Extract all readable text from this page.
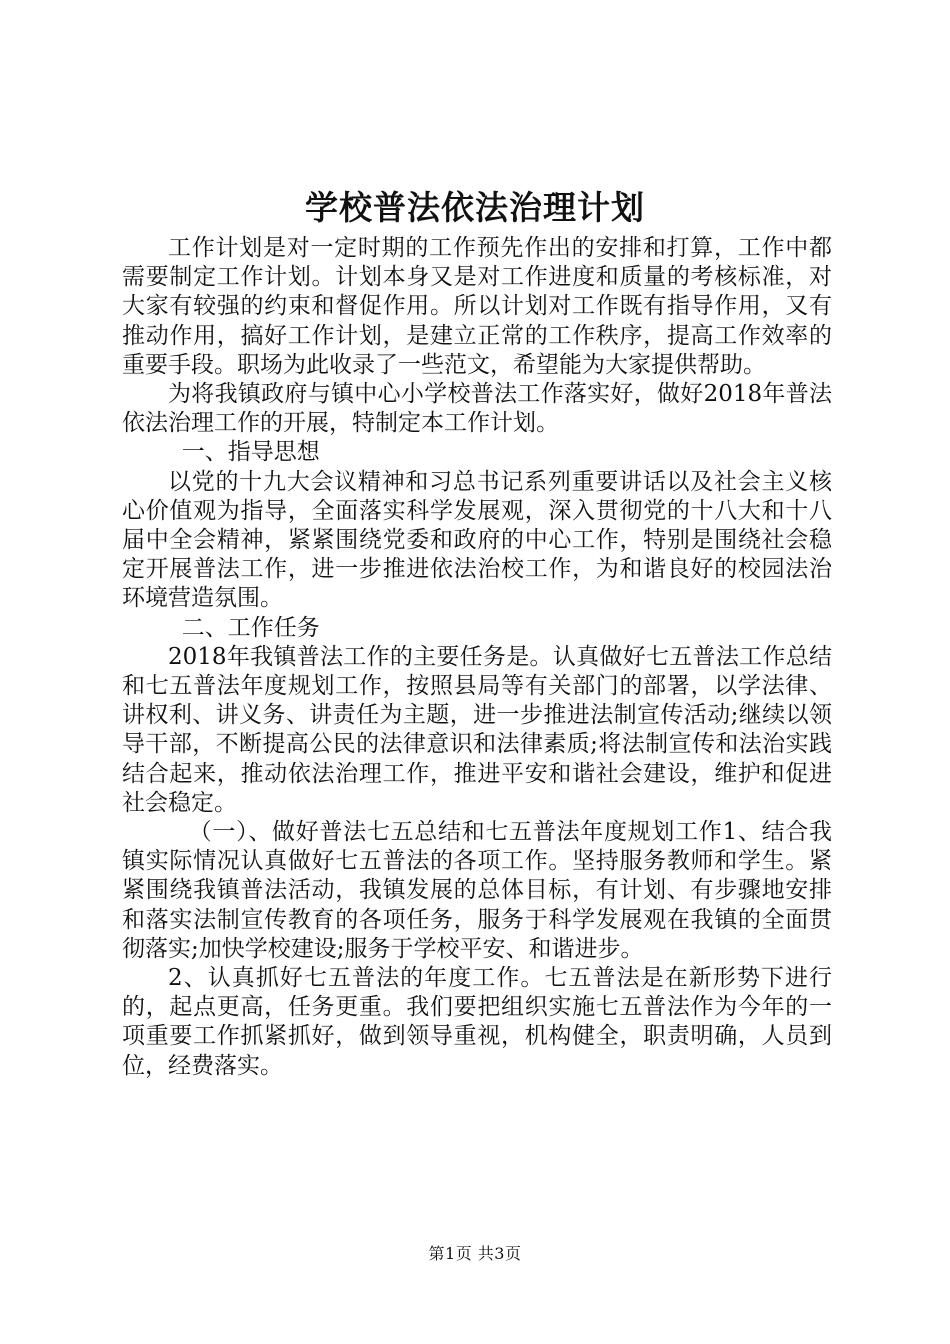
学校普法依法治理计划

工作计划是对一定时期的工作预先作出的安排和打算，工作中都需要制定工作计划。计划本身又是对工作进度和质量的考核标准，对大家有较强的约束和督促作用。所以计划对工作既有指导作用，又有推动作用，搞好工作计划，是建立正常的工作秩序，提高工作效率的重要手段。职场为此收录了一些范文，希望能为大家提供帮助。

为将我镇政府与镇中心小学校普法工作落实好，做好2018年普法依法治理工作的开展，特制定本工作计划。

一、指导思想

以党的十九大会议精神和习总书记系列重要讲话以及社会主义核心价值观为指导，全面落实科学发展观，深入贯彻党的十八大和十八届中全会精神，紧紧围绕党委和政府的中心工作，特别是围绕社会稳定开展普法工作，进一步推进依法治校工作，为和谐良好的校园法治环境营造氛围。

二、工作任务

2018年我镇普法工作的主要任务是。认真做好七五普法工作总结和七五普法年度规划工作，按照县局等有关部门的部署，以学法律、讲权利、讲义务、讲责任为主题，进一步推进法制宣传活动;继续以领导干部，不断提高公民的法律意识和法律素质;将法制宣传和法治实践结合起来，推动依法治理工作，推进平安和谐社会建设，维护和促进社会稳定。

（一）、做好普法七五总结和七五普法年度规划工作1、结合我镇实际情况认真做好七五普法的各项工作。坚持服务教师和学生。紧紧围绕我镇普法活动，我镇发展的总体目标，有计划、有步骤地安排和落实法制宣传教育的各项任务，服务于科学发展观在我镇的全面贯彻落实;加快学校建设;服务于学校平安、和谐进步。

2、认真抓好七五普法的年度工作。七五普法是在新形势下进行的，起点更高，任务更重。我们要把组织实施七五普法作为今年的一项重要工作抓紧抓好，做到领导重视，机构健全，职责明确，人员到位，经费落实。

第1页 共3页
